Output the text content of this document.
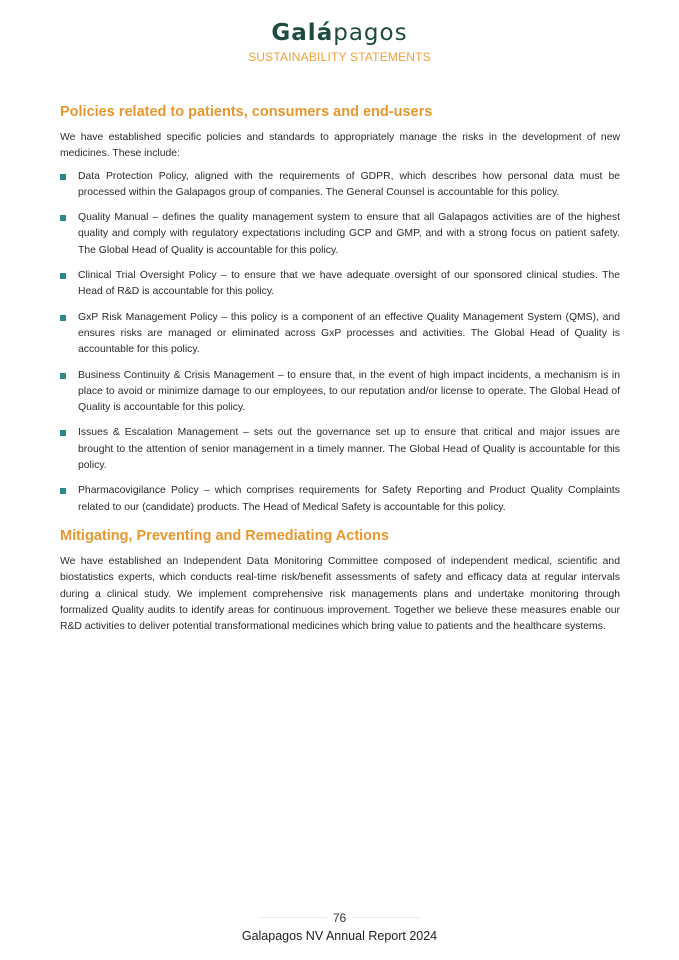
Galápagos
SUSTAINABILITY STATEMENTS
Policies related to patients, consumers and end-users

We have established specific policies and standards to appropriately manage the risks in the development of new medicines. These include:

Data Protection Policy, aligned with the requirements of GDPR, which describes how personal data must be processed within the Galapagos group of companies. The General Counsel is accountable for this policy.
Quality Manual – defines the quality management system to ensure that all Galapagos activities are of the highest quality and comply with regulatory expectations including GCP and GMP, and with a strong focus on patient safety. The Global Head of Quality is accountable for this policy.
Clinical Trial Oversight Policy – to ensure that we have adequate oversight of our sponsored clinical studies. The Head of R&D is accountable for this policy.
GxP Risk Management Policy – this policy is a component of an effective Quality Management System (QMS), and ensures risks are managed or eliminated across GxP processes and activities. The Global Head of Quality is accountable for this policy.
Business Continuity & Crisis Management – to ensure that, in the event of high impact incidents, a mechanism is in place to avoid or minimize damage to our employees, to our reputation and/or license to operate. The Global Head of Quality is accountable for this policy.
Issues & Escalation Management – sets out the governance set up to ensure that critical and major issues are brought to the attention of senior management in a timely manner. The Global Head of Quality is accountable for this policy.
Pharmacovigilance Policy – which comprises requirements for Safety Reporting and Product Quality Complaints related to our (candidate) products. The Head of Medical Safety is accountable for this policy.
Mitigating, Preventing and Remediating Actions

We have established an Independent Data Monitoring Committee composed of independent medical, scientific and biostatistics experts, which conducts real-time risk/benefit assessments of safety and efficacy data at regular intervals during a clinical study. We implement comprehensive risk managements plans and undertake monitoring through formalized Quality audits to identify areas for continuous improvement. Together we believe these measures enable our R&D activities to deliver potential transformational medicines which bring value to patients and the healthcare systems.

76
Galapagos NV Annual Report 2024
